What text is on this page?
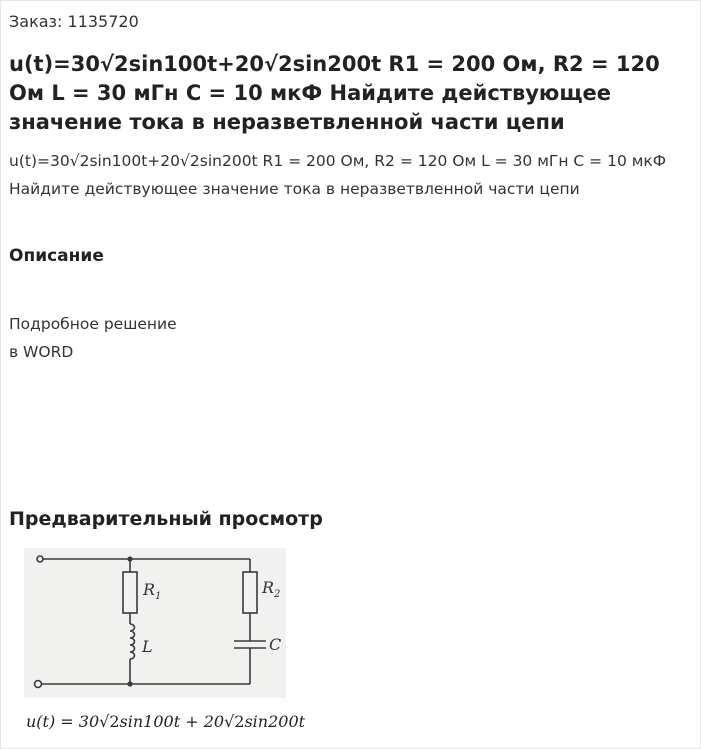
Заказ: 1135720
u(t)=30√2sin100t+20√2sin200t R1 = 200 Ом, R2 = 120 Ом L = 30 мГн C = 10 мкФ Найдите действующее значение тока в неразветвленной части цепи
u(t)=30√2sin100t+20√2sin200t R1 = 200 Ом, R2 = 120 Ом L = 30 мГн C = 10 мкФ Найдите действующее значение тока в неразветвленной части цепи
Описание
Подробное решение
в WORD
Предварительный просмотр
$R_1$	$R_2$
L	C
u(t) = 30√2sin100t + 20√2sin200t
